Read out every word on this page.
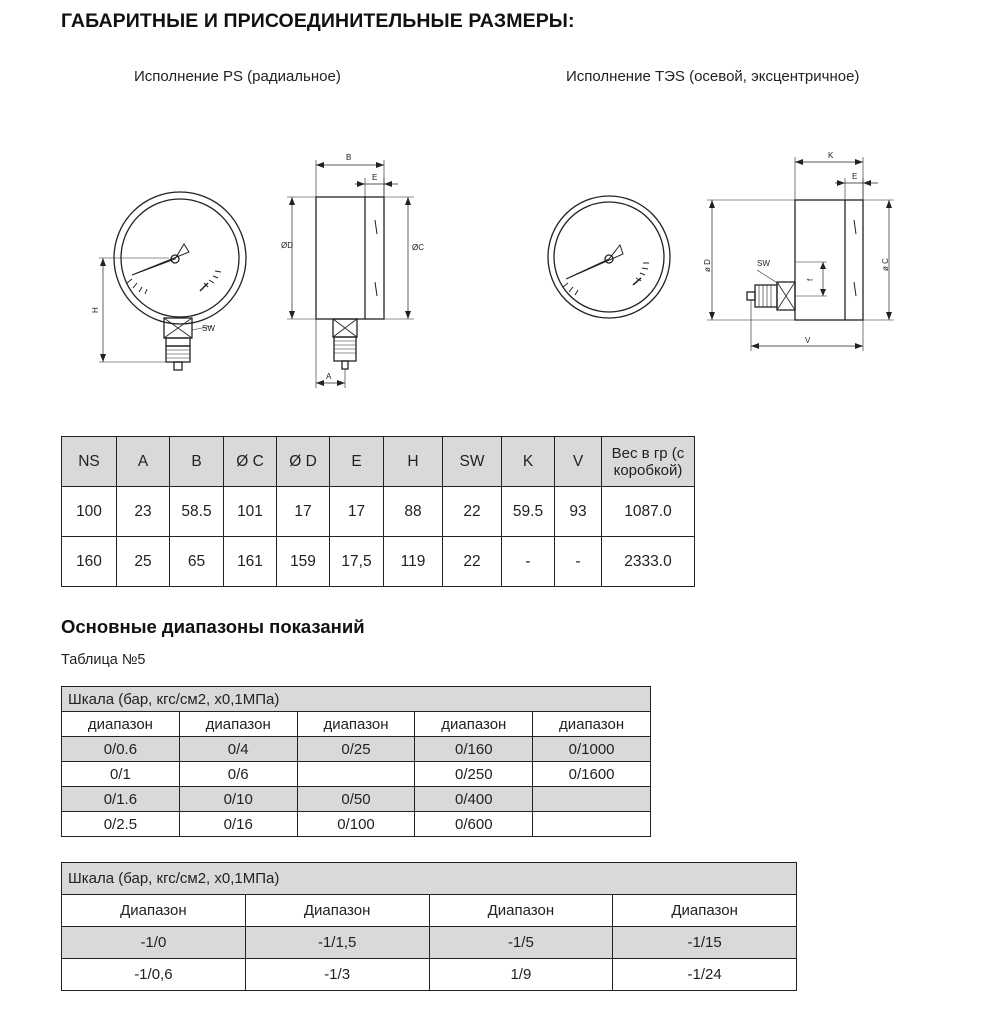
ГАБАРИТНЫЕ И ПРИСОЕДИНИТЕЛЬНЫЕ РАЗМЕРЫ:
Исполнение PS (радиальное)	Исполнение ТЭS (осевой, эксцентричное)
H
SW
B
E
ØD	ØC
A
K
E
ø D	ø C
f
SW
V
NS	A	B	Ø C	Ø D	E	H	SW	K	V	Вес в гр (с коробкой)
100	23	58.5	101	17	17	88	22	59.5	93	1087.0
160	25	65	161	159	17,5	119	22	-	-	2333.0
Основные диапазоны показаний
Таблица №5
Шкала (бар, кгс/см2, х0,1МПа)				
диапазон	диапазон	диапазон	диапазон	диапазон
0/0.6	0/4	0/25	0/160	0/1000
0/1	0/6		0/250	0/1600
0/1.6	0/10	0/50	0/400	
0/2.5	0/16	0/100	0/600	
Шкала (бар, кгс/см2, х0,1МПа)			
Диапазон	Диапазон	Диапазон	Диапазон
-1/0	-1/1,5	-1/5	-1/15
-1/0,6	-1/3	1/9	-1/24
